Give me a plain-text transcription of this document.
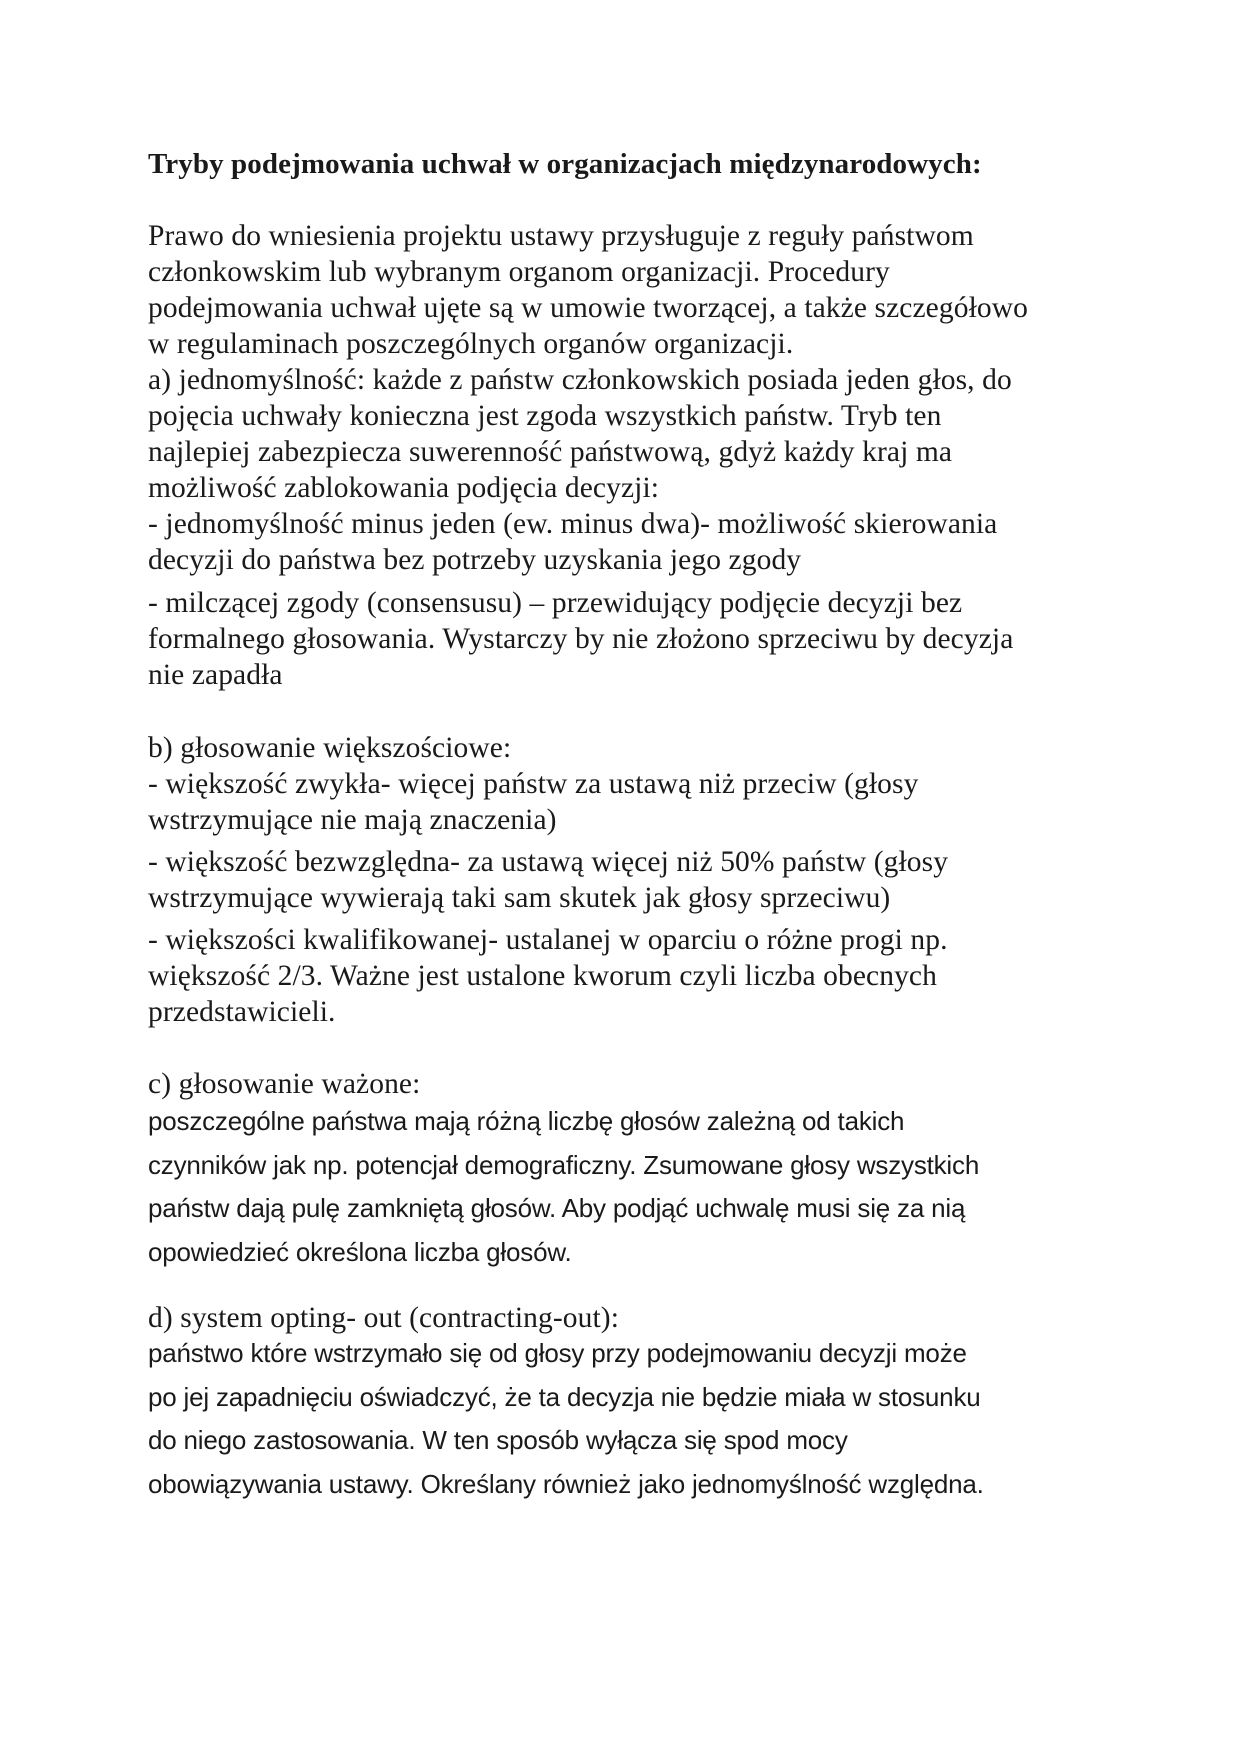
Tryby podejmowania uchwał w organizacjach międzynarodowych:

Prawo do wniesienia projektu ustawy przysługuje z reguły państwom
członkowskim lub wybranym organom organizacji. Procedury
podejmowania uchwał ujęte są w umowie tworzącej, a także szczegółowo
w regulaminach poszczególnych organów organizacji.

a) jednomyślność: każde z państw członkowskich posiada jeden głos, do
pojęcia uchwały konieczna jest zgoda wszystkich państw. Tryb ten
najlepiej zabezpiecza suwerenność państwową, gdyż każdy kraj ma
możliwość zablokowania podjęcia decyzji:

- jednomyślność minus jeden (ew. minus dwa)- możliwość skierowania
decyzji do państwa bez potrzeby uzyskania jego zgody

- milczącej zgody (consensusu) – przewidujący podjęcie decyzji bez
formalnego głosowania. Wystarczy by nie złożono sprzeciwu by decyzja
nie zapadła

b) głosowanie większościowe:

- większość zwykła- więcej państw za ustawą niż przeciw (głosy
wstrzymujące nie mają znaczenia)

- większość bezwzględna- za ustawą więcej niż 50% państw (głosy
wstrzymujące wywierają taki sam skutek jak głosy sprzeciwu)

- większości kwalifikowanej- ustalanej w oparciu o różne progi np.
większość 2/3. Ważne jest ustalone kworum czyli liczba obecnych
przedstawicieli.

c) głosowanie ważone:

poszczególne państwa mają różną liczbę głosów zależną od takich
czynników jak np. potencjał demograficzny. Zsumowane głosy wszystkich
państw dają pulę zamkniętą głosów. Aby podjąć uchwalę musi się za nią
opowiedzieć określona liczba głosów.

d) system opting- out (contracting-out):

państwo które wstrzymało się od głosy przy podejmowaniu decyzji może
po jej zapadnięciu oświadczyć, że ta decyzja nie będzie miała w stosunku
do niego zastosowania. W ten sposób wyłącza się spod mocy
obowiązywania ustawy. Określany również jako jednomyślność względna.
